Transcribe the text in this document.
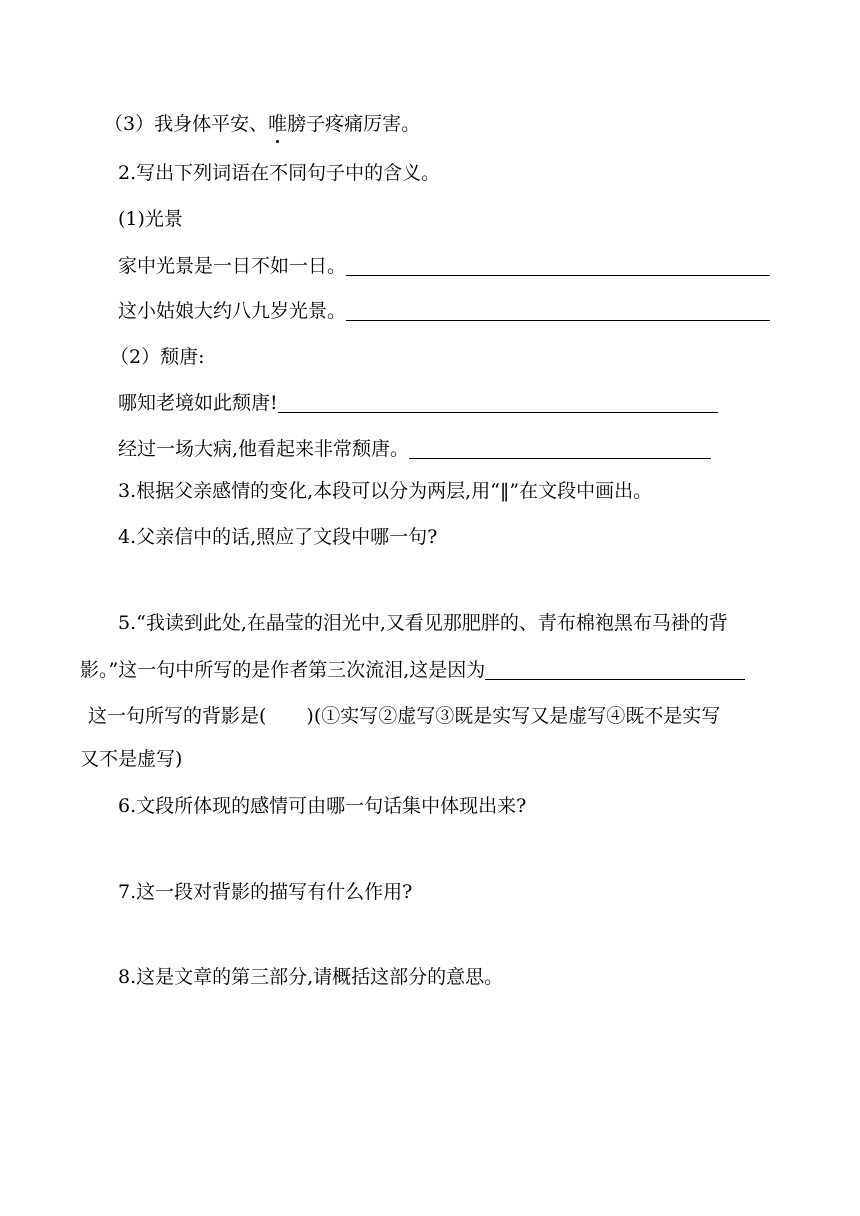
（3）我身体平安、唯膀子疼痛厉害。
2.写出下列词语在不同句子中的含义。
(1)光景
家中光景是一日不如一日。
这小姑娘大约八九岁光景。
（2）颓唐:
哪知老境如此颓唐!
经过一场大病,他看起来非常颓唐。
3.根据父亲感情的变化,本段可以分为两层,用“‖”在文段中画出。
4.父亲信中的话,照应了文段中哪一句?
5.“我读到此处,在晶莹的泪光中,又看见那肥胖的、青布棉袍黑布马褂的背
影。”这一句中所写的是作者第三次流泪,这是因为
这一句所写的背影是( )(①实写②虚写③既是实写又是虚写④既不是实写
又不是虚写)
6.文段所体现的感情可由哪一句话集中体现出来?
7.这一段对背影的描写有什么作用?
8.这是文章的第三部分,请概括这部分的意思。
